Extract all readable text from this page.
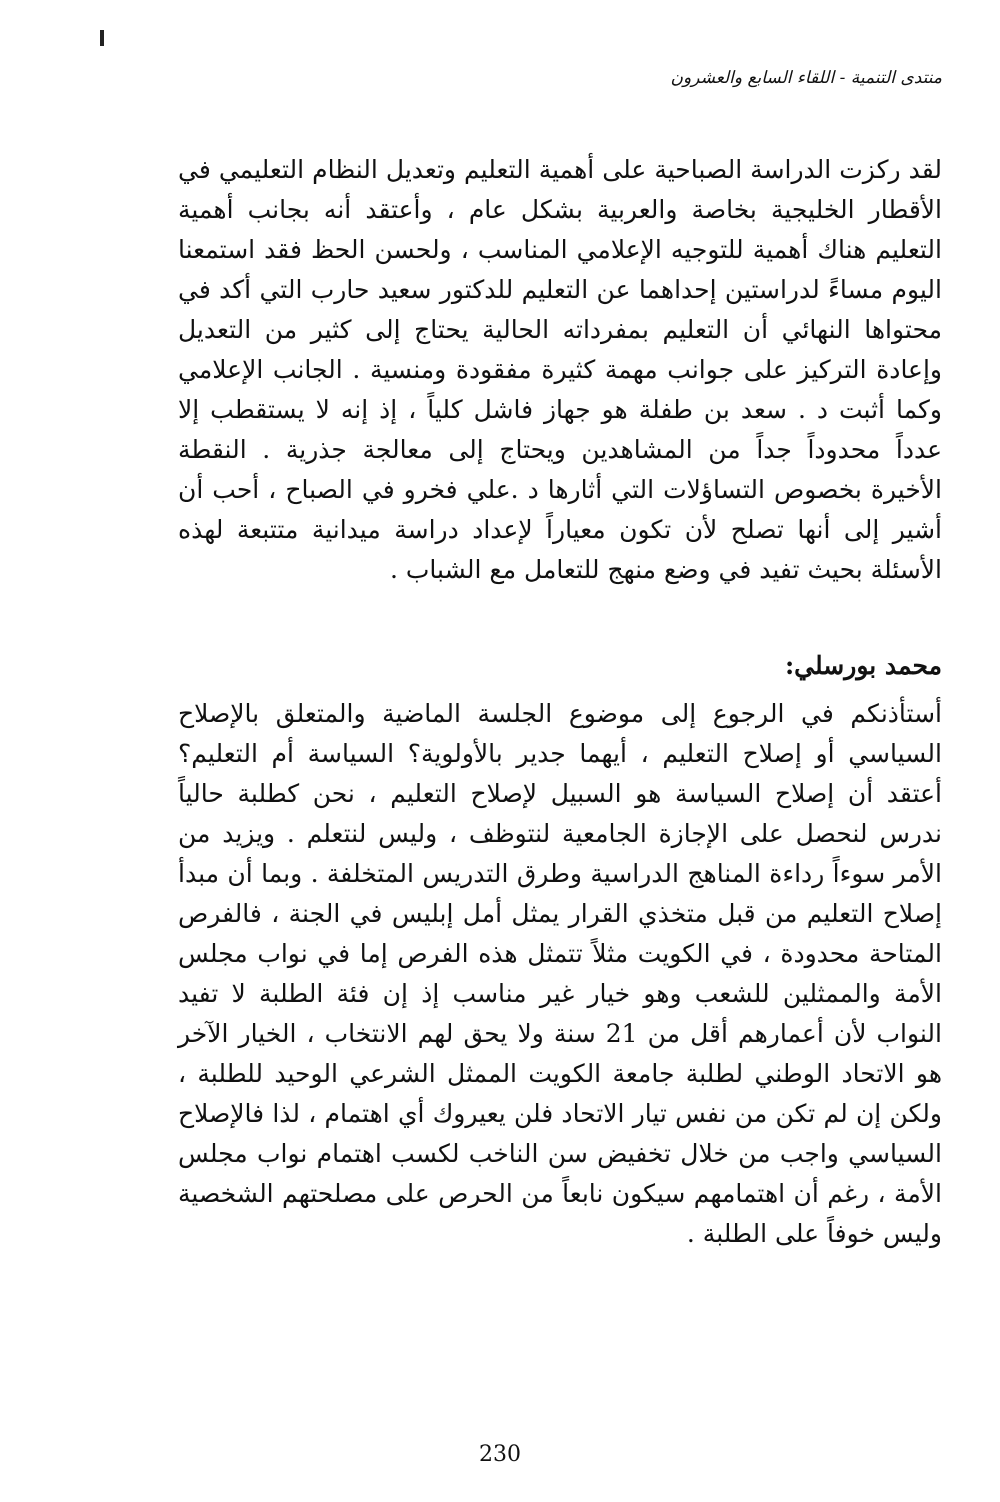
منتدى التنمية - اللقاء السابع والعشرون

لقد ركزت الدراسة الصباحية على أهمية التعليم وتعديل النظام التعليمي في الأقطار الخليجية بخاصة والعربية بشكل عام ، وأعتقد أنه بجانب أهمية التعليم هناك أهمية للتوجيه الإعلامي المناسب ، ولحسن الحظ فقد استمعنا اليوم مساءً لدراستين إحداهما عن التعليم للدكتور سعيد حارب التي أكد في محتواها النهائي أن التعليم بمفرداته الحالية يحتاج إلى كثير من التعديل وإعادة التركيز على جوانب مهمة كثيرة مفقودة ومنسية . الجانب الإعلامي وكما أثبت د . سعد بن طفلة هو جهاز فاشل كلياً ، إذ إنه لا يستقطب إلا عدداً محدوداً جداً من المشاهدين ويحتاج إلى معالجة جذرية . النقطة الأخيرة بخصوص التساؤلات التي أثارها د .علي فخرو في الصباح ، أحب أن أشير إلى أنها تصلح لأن تكون معياراً لإعداد دراسة ميدانية متتبعة لهذه الأسئلة بحيث تفيد في وضع منهج للتعامل مع الشباب .

محمد بورسلي:

أستأذنكم في الرجوع إلى موضوع الجلسة الماضية والمتعلق بالإصلاح السياسي أو إصلاح التعليم ، أيهما جدير بالأولوية؟ السياسة أم التعليم؟ أعتقد أن إصلاح السياسة هو السبيل لإصلاح التعليم ، نحن كطلبة حالياً ندرس لنحصل على الإجازة الجامعية لنتوظف ، وليس لنتعلم . ويزيد من الأمر سوءاً رداءة المناهج الدراسية وطرق التدريس المتخلفة . وبما أن مبدأ إصلاح التعليم من قبل متخذي القرار يمثل أمل إبليس في الجنة ، فالفرص المتاحة محدودة ، في الكويت مثلاً تتمثل هذه الفرص إما في نواب مجلس الأمة والممثلين للشعب وهو خيار غير مناسب إذ إن فئة الطلبة لا تفيد النواب لأن أعمارهم أقل من 21 سنة ولا يحق لهم الانتخاب ، الخيار الآخر هو الاتحاد الوطني لطلبة جامعة الكويت الممثل الشرعي الوحيد للطلبة ، ولكن إن لم تكن من نفس تيار الاتحاد فلن يعيروك أي اهتمام ، لذا فالإصلاح السياسي واجب من خلال تخفيض سن الناخب لكسب اهتمام نواب مجلس الأمة ، رغم أن اهتمامهم سيكون نابعاً من الحرص على مصلحتهم الشخصية وليس خوفاً على الطلبة .

230
